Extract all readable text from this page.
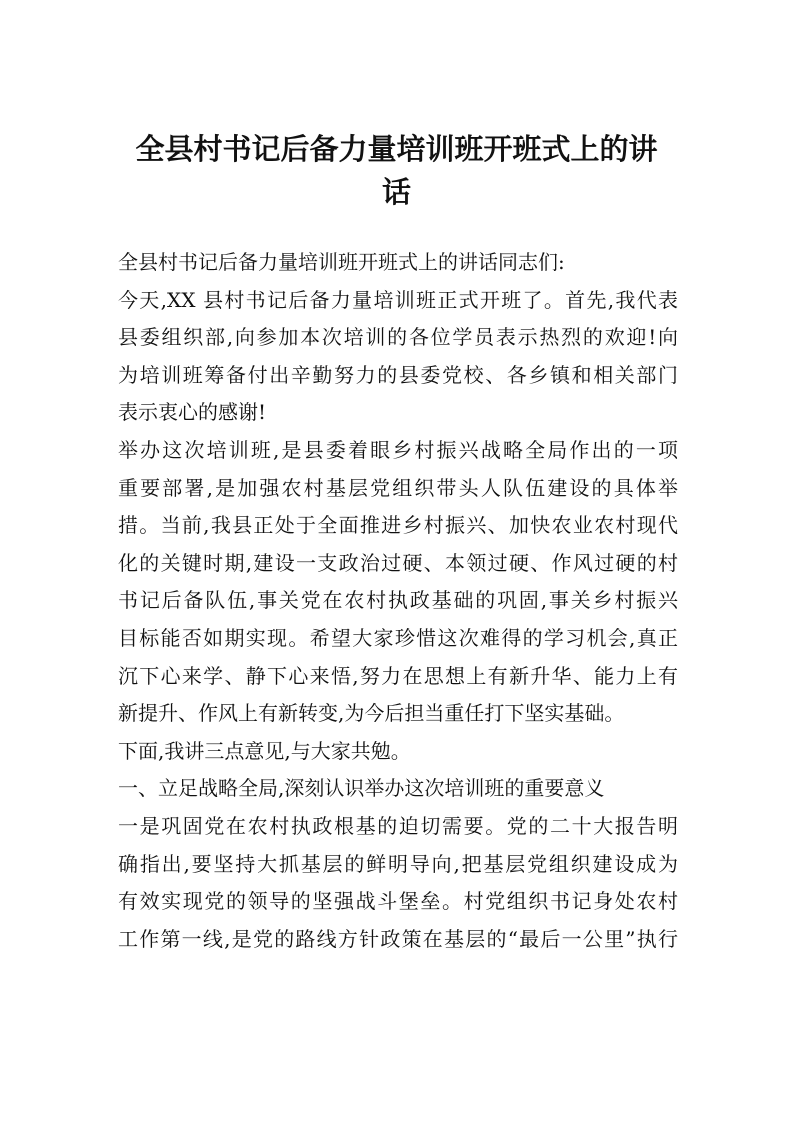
全县村书记后备力量培训班开班式上的讲
话
全县村书记后备力量培训班开班式上的讲话同志们:
今天,XX 县村书记后备力量培训班正式开班了。首先,我代表
县委组织部,向参加本次培训的各位学员表示热烈的欢迎!向
为培训班筹备付出辛勤努力的县委党校、各乡镇和相关部门
表示衷心的感谢!
举办这次培训班,是县委着眼乡村振兴战略全局作出的一项
重要部署,是加强农村基层党组织带头人队伍建设的具体举
措。当前,我县正处于全面推进乡村振兴、加快农业农村现代
化的关键时期,建设一支政治过硬、本领过硬、作风过硬的村
书记后备队伍,事关党在农村执政基础的巩固,事关乡村振兴
目标能否如期实现。希望大家珍惜这次难得的学习机会,真正
沉下心来学、静下心来悟,努力在思想上有新升华、能力上有
新提升、作风上有新转变,为今后担当重任打下坚实基础。
下面,我讲三点意见,与大家共勉。
一、立足战略全局,深刻认识举办这次培训班的重要意义
一是巩固党在农村执政根基的迫切需要。党的二十大报告明
确指出,要坚持大抓基层的鲜明导向,把基层党组织建设成为
有效实现党的领导的坚强战斗堡垒。村党组织书记身处农村
工作第一线,是党的路线方针政策在基层的“最后一公里”执行
